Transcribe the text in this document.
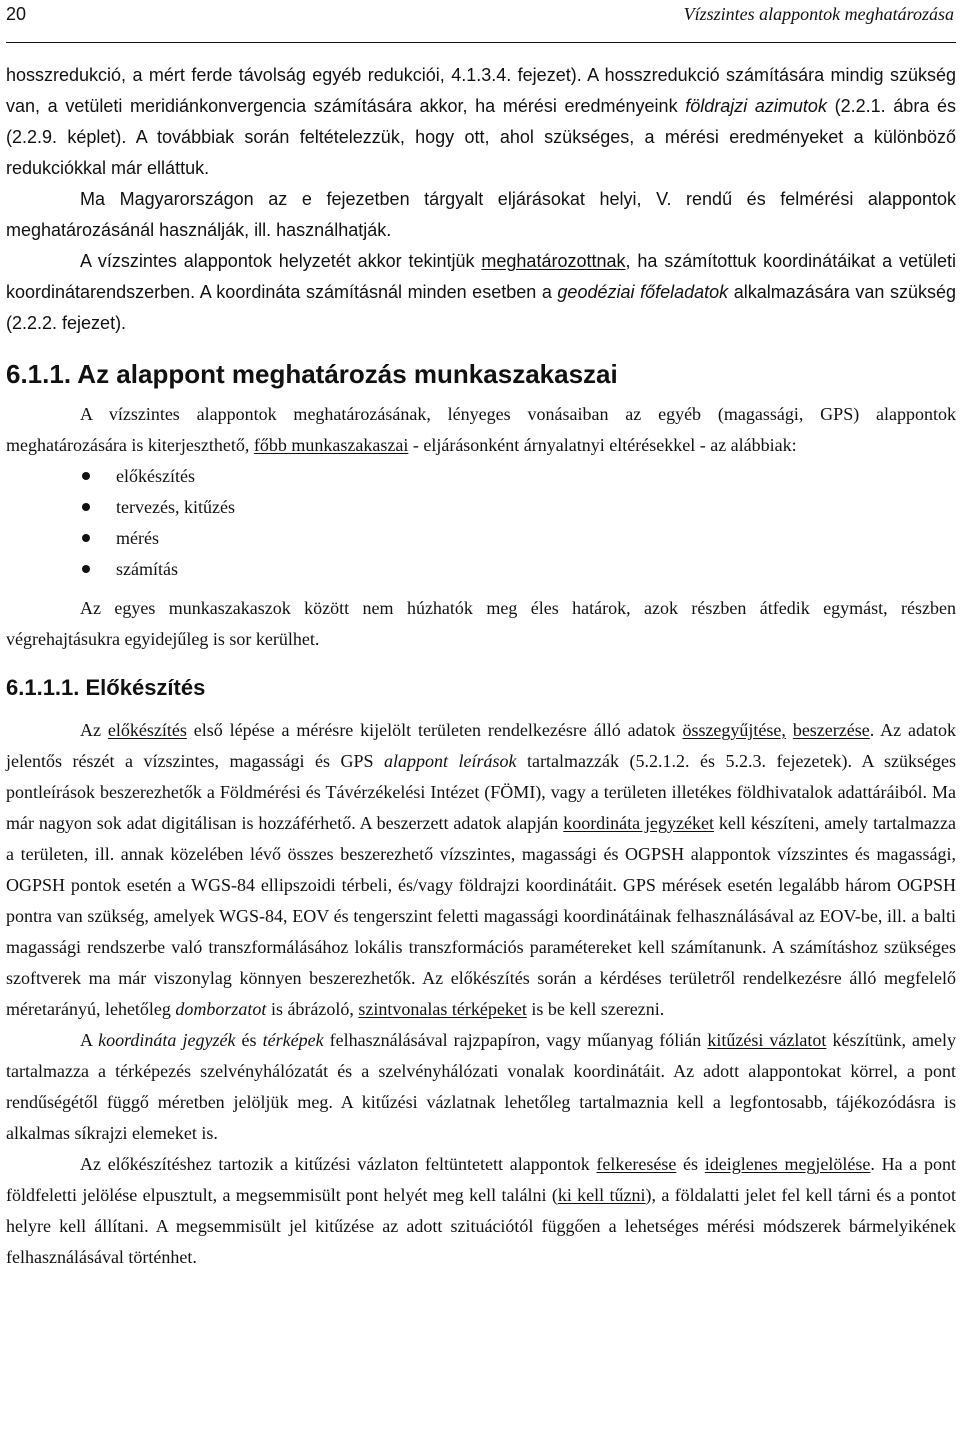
20	Vízszintes alappontok meghatározása

hosszredukció, a mért ferde távolság egyéb redukciói, 4.1.3.4. fejezet). A hosszredukció számítására mindig szükség van, a vetületi meridiánkonvergencia számítására akkor, ha mérési eredményeink földrajzi azimutok (2.2.1. ábra és (2.2.9. képlet). A továbbiak során feltételezzük, hogy ott, ahol szükséges, a mérési eredményeket a különböző redukciókkal már elláttuk.

Ma Magyarországon az e fejezetben tárgyalt eljárásokat helyi, V. rendű és felmérési alappontok meghatározásánál használják, ill. használhatják.

A vízszintes alappontok helyzetét akkor tekintjük meghatározottnak, ha számítottuk koordinátáikat a vetületi koordinátarendszerben. A koordináta számításnál minden esetben a geodéziai főfeladatok alkalmazására van szükség (2.2.2. fejezet).

6.1.1. Az alappont meghatározás munkaszakaszai

A vízszintes alappontok meghatározásának, lényeges vonásaiban az egyéb (magassági, GPS) alappontok meghatározására is kiterjeszthető, főbb munkaszakaszai - eljárásonként árnyalatnyi eltérésekkel - az alábbiak:

előkészítés
tervezés, kitűzés
mérés
számítás

Az egyes munkaszakaszok között nem húzhatók meg éles határok, azok részben átfedik egymást, részben végrehajtásukra egyidejűleg is sor kerülhet.

6.1.1.1. Előkészítés

Az előkészítés első lépése a mérésre kijelölt területen rendelkezésre álló adatok összegyűjtése, beszerzése. Az adatok jelentős részét a vízszintes, magassági és GPS alappont leírások tartalmazzák (5.2.1.2. és 5.2.3. fejezetek). A szükséges pontleírások beszerezhetők a Földmérési és Távérzékelési Intézet (FÖMI), vagy a területen illetékes földhivatalok adattáráiból. Ma már nagyon sok adat digitálisan is hozzáférhető. A beszerzett adatok alapján koordináta jegyzéket kell készíteni, amely tartalmazza a területen, ill. annak közelében lévő összes beszerezhető vízszintes, magassági és OGPSH alappontok vízszintes és magassági, OGPSH pontok esetén a WGS-84 ellipszoidi térbeli, és/vagy földrajzi koordinátáit. GPS mérések esetén legalább három OGPSH pontra van szükség, amelyek WGS-84, EOV és tengerszint feletti magassági koordinátáinak felhasználásával az EOV-be, ill. a balti magassági rendszerbe való transzformálásához lokális transzformációs paramétereket kell számítanunk. A számításhoz szükséges szoftverek ma már viszonylag könnyen beszerezhetők. Az előkészítés során a kérdéses területről rendelkezésre álló megfelelő méretarányú, lehetőleg domborzatot is ábrázoló, szintvonalas térképeket is be kell szerezni.

A koordináta jegyzék és térképek felhasználásával rajzpapíron, vagy műanyag fólián kitűzési vázlatot készítünk, amely tartalmazza a térképezés szelvényhálózatát és a szelvényhálózati vonalak koordinátáit. Az adott alappontokat körrel, a pont rendűségétől függő méretben jelöljük meg. A kitűzési vázlatnak lehetőleg tartalmaznia kell a legfontosabb, tájékozódásra is alkalmas síkrajzi elemeket is.

Az előkészítéshez tartozik a kitűzési vázlaton feltüntetett alappontok felkeresése és ideiglenes megjelölése. Ha a pont földfeletti jelölése elpusztult, a megsemmisült pont helyét meg kell találni (ki kell tűzni), a földalatti jelet fel kell tárni és a pontot helyre kell állítani. A megsemmisült jel kitűzése az adott szituációtól függően a lehetséges mérési módszerek bármelyikének felhasználásával történhet.
